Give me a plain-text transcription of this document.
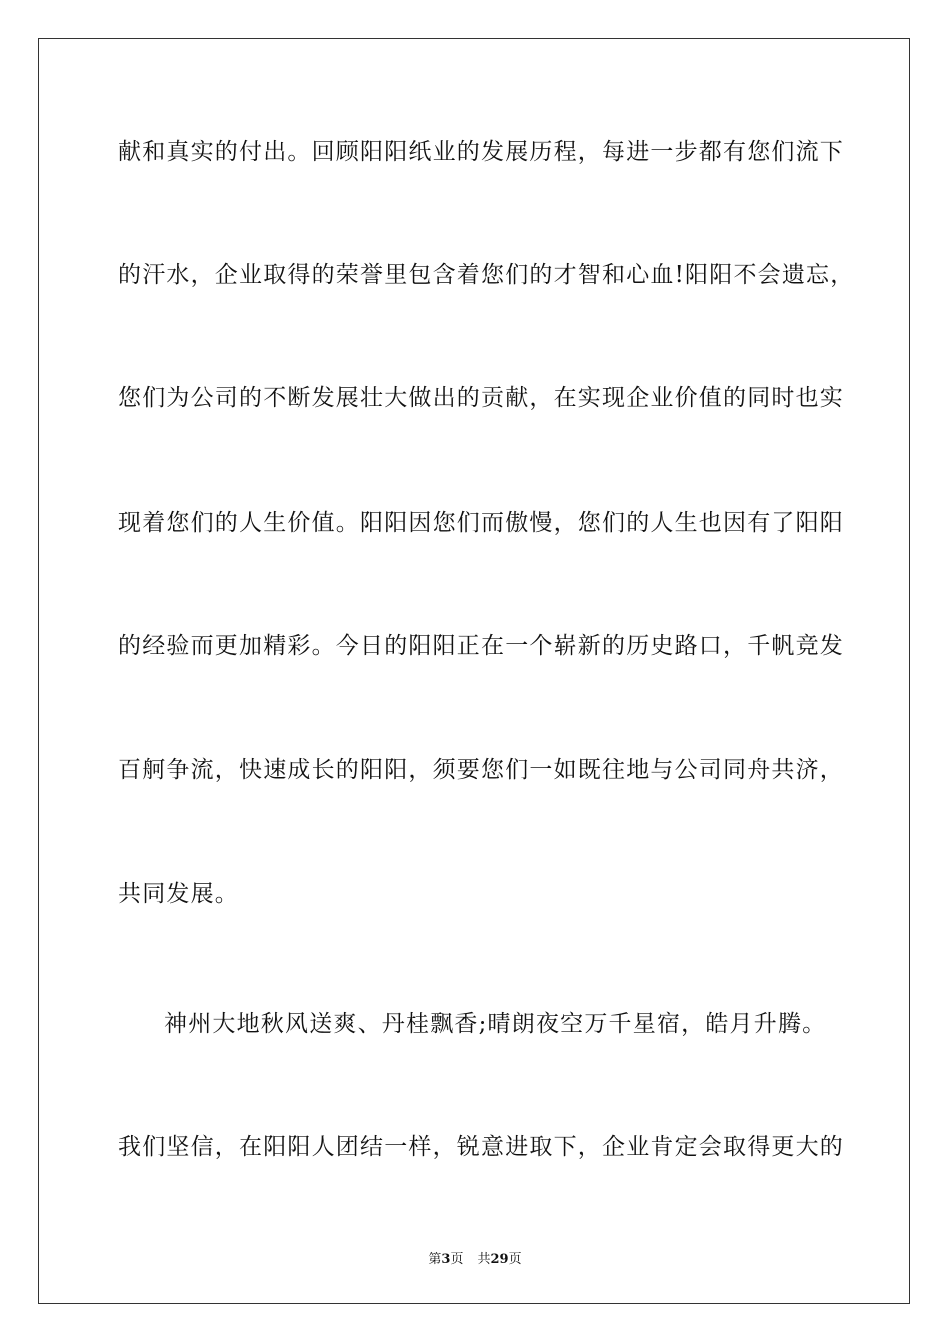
献和真实的付出。回顾阳阳纸业的发展历程，每进一步都有您们流下
的汗水，企业取得的荣誉里包含着您们的才智和心血!阳阳不会遗忘，
您们为公司的不断发展壮大做出的贡献，在实现企业价值的同时也实
现着您们的人生价值。阳阳因您们而傲慢，您们的人生也因有了阳阳
的经验而更加精彩。今日的阳阳正在一个崭新的历史路口，千帆竞发
百舸争流，快速成长的阳阳，须要您们一如既往地与公司同舟共济，
共同发展。
神州大地秋风送爽、丹桂飘香;晴朗夜空万千星宿，皓月升腾。
我们坚信，在阳阳人团结一样，锐意进取下，企业肯定会取得更大的
第3页 共29页
